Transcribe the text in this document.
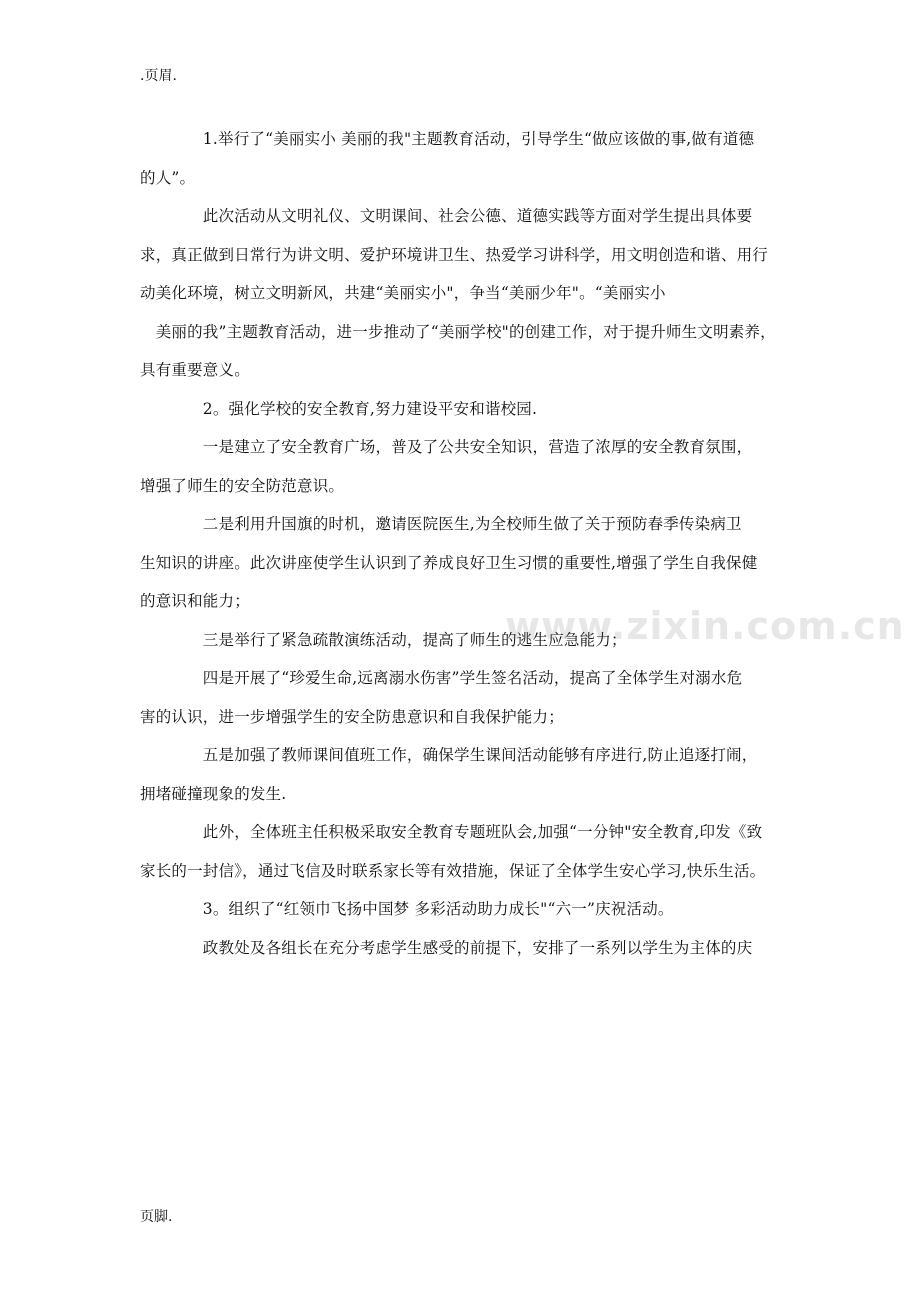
.页眉.
　　　　1.举行了“美丽实小 美丽的我"主题教育活动，引导学生“做应该做的事,做有道德
的人”。
　　　　此次活动从文明礼仪、文明课间、社会公德、道德实践等方面对学生提出具体要
求，真正做到日常行为讲文明、爱护环境讲卫生、热爱学习讲科学，用文明创造和谐、用行
动美化环境，树立文明新风，共建“美丽实小"，争当“美丽少年"。“美丽实小
　美丽的我”主题教育活动，进一步推动了“美丽学校"的创建工作，对于提升师生文明素养，
具有重要意义。
　　　　2。强化学校的安全教育,努力建设平安和谐校园.
　　　　一是建立了安全教育广场，普及了公共安全知识，营造了浓厚的安全教育氛围，
增强了师生的安全防范意识。
　　　　二是利用升国旗的时机，邀请医院医生,为全校师生做了关于预防春季传染病卫
生知识的讲座。此次讲座使学生认识到了养成良好卫生习惯的重要性,增强了学生自我保健
的意识和能力；
　　　　三是举行了紧急疏散演练活动，提高了师生的逃生应急能力；
　　　　四是开展了“珍爱生命,远离溺水伤害”学生签名活动，提高了全体学生对溺水危
害的认识，进一步增强学生的安全防患意识和自我保护能力；
　　　　五是加强了教师课间值班工作，确保学生课间活动能够有序进行,防止追逐打闹，
拥堵碰撞现象的发生.
　　　　此外，全体班主任积极采取安全教育专题班队会,加强“一分钟"安全教育,印发《致
家长的一封信》，通过飞信及时联系家长等有效措施，保证了全体学生安心学习,快乐生活。
　　　　3。组织了“红领巾飞扬中国梦 多彩活动助力成长"“六一”庆祝活动。
　　　　政教处及各组长在充分考虑学生感受的前提下，安排了一系列以学生为主体的庆
www.zixin.com.cn
页脚.
